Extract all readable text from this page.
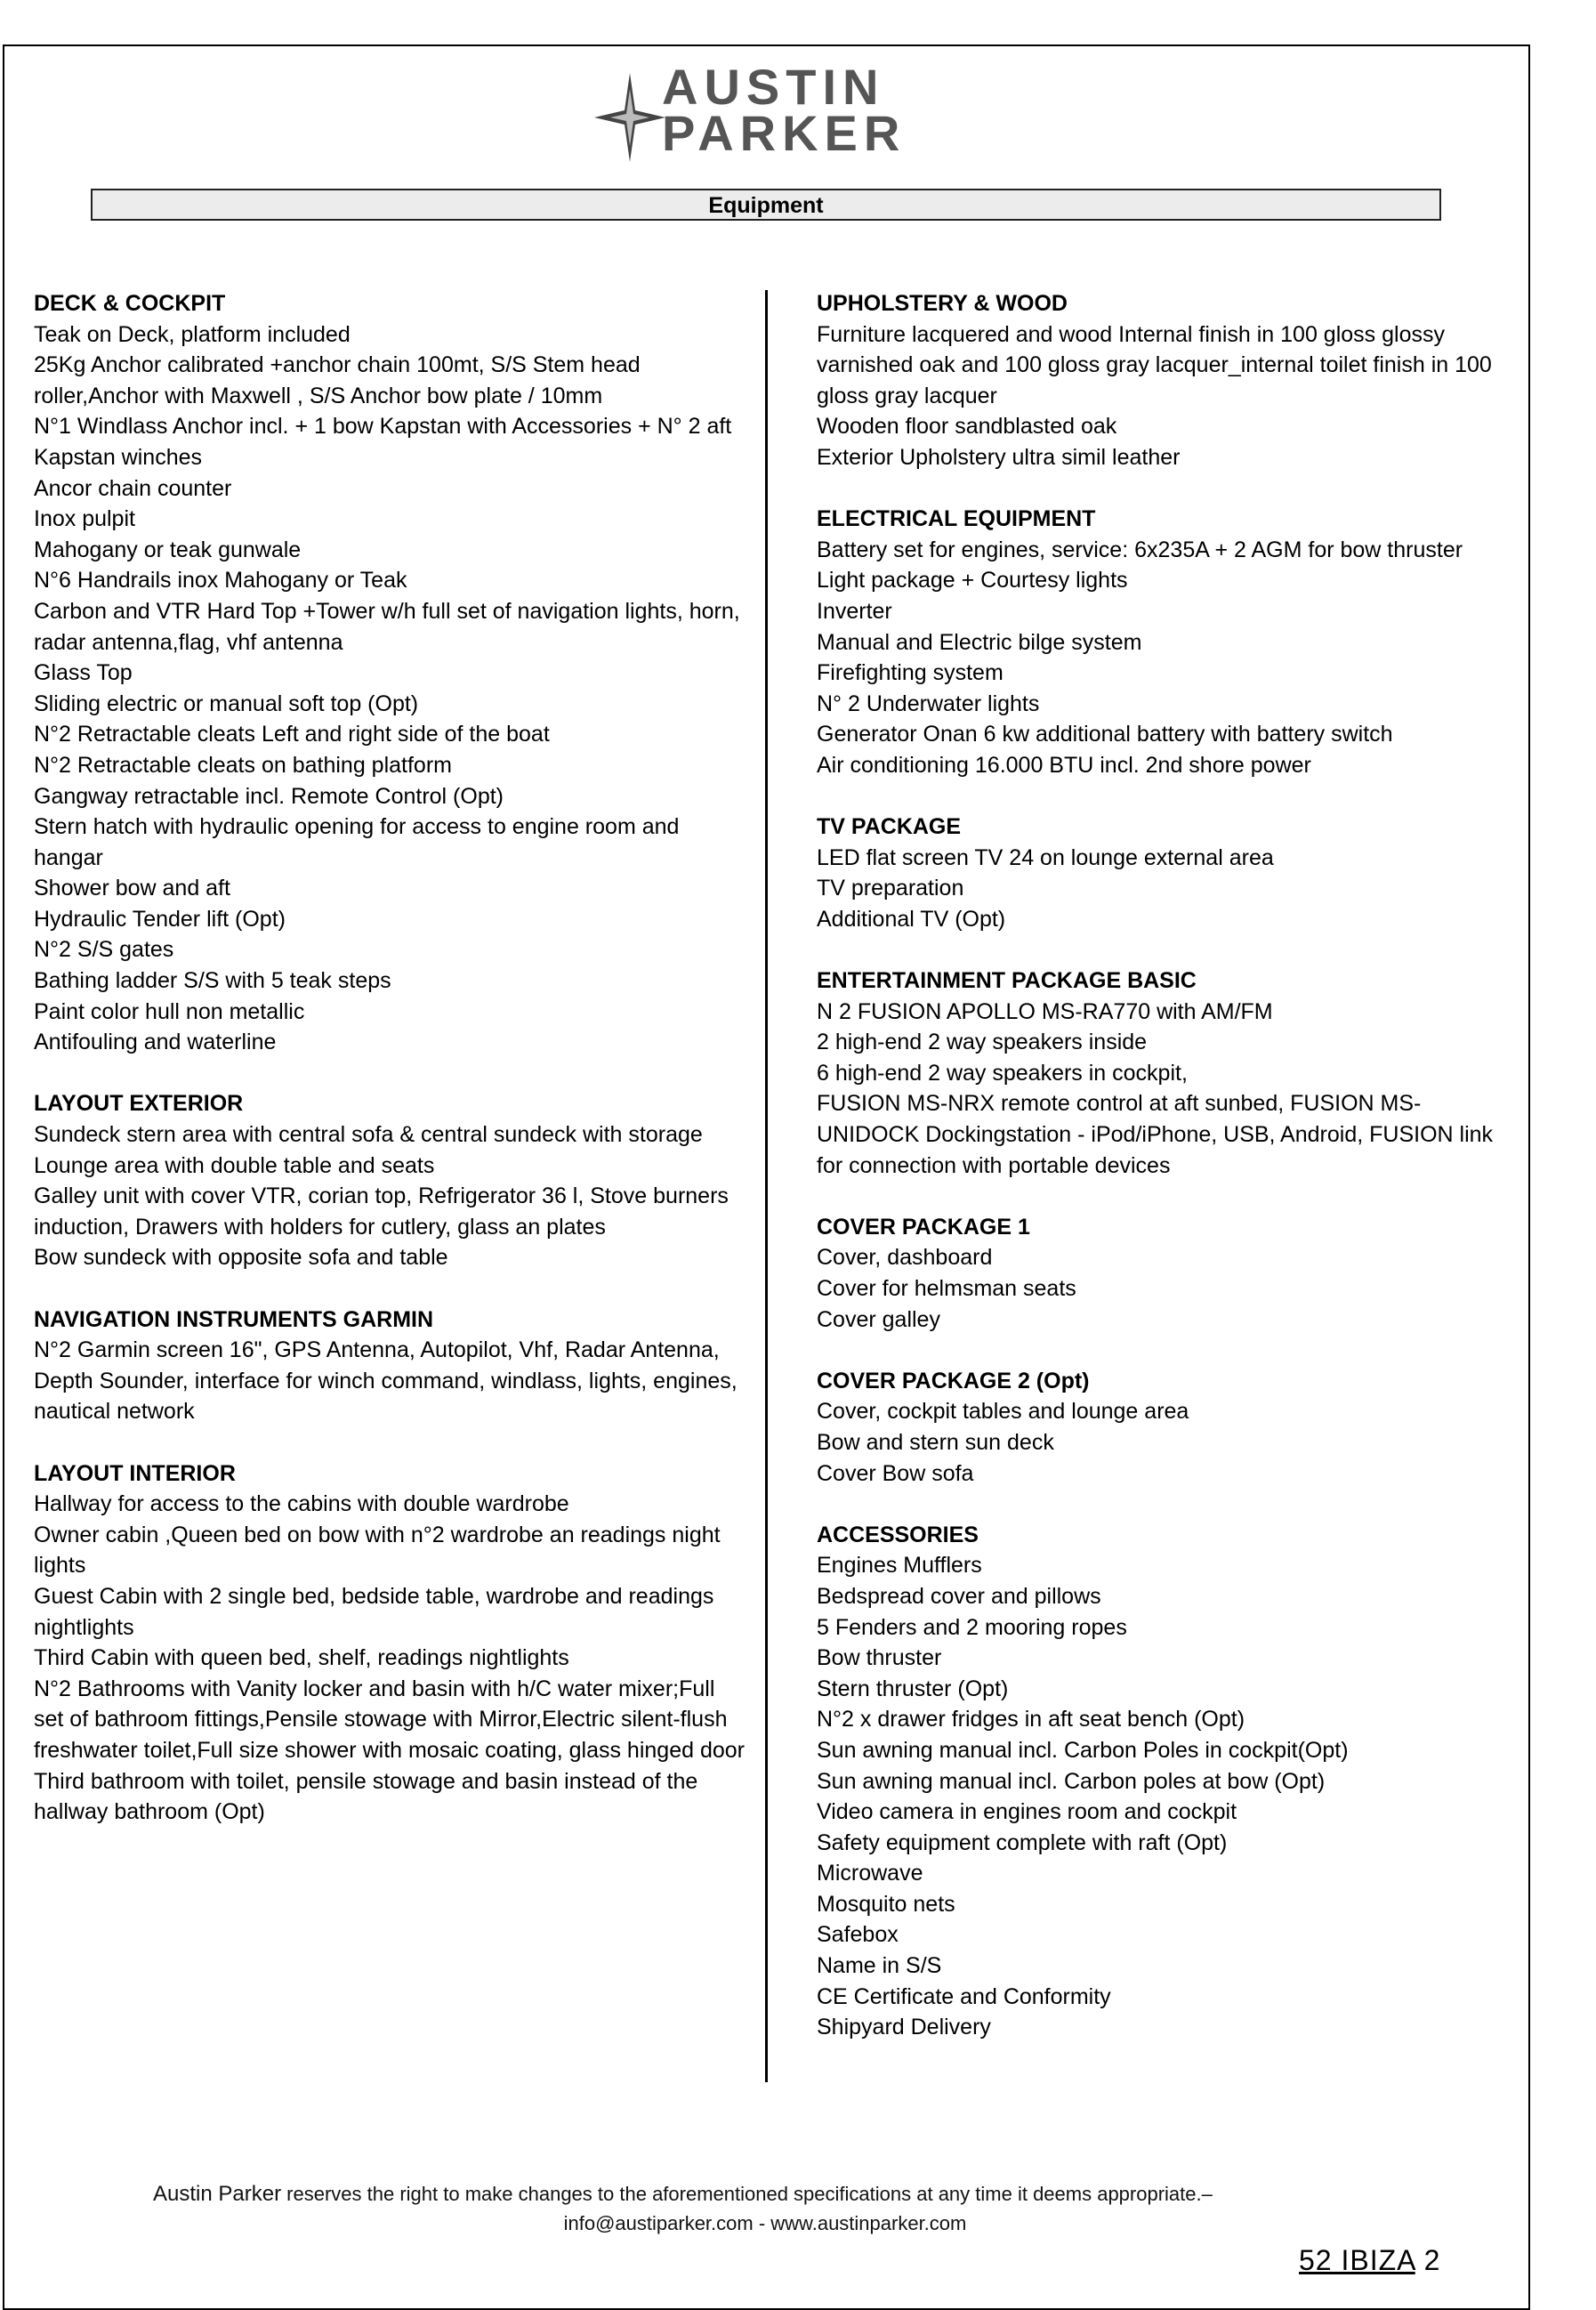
AUSTIN
PARKER
Equipment
DECK & COCKPIT
Teak on Deck, platform included
25Kg Anchor calibrated +anchor chain 100mt, S/S Stem head roller,Anchor with Maxwell , S/S Anchor bow plate / 10mm
N°1 Windlass Anchor incl. + 1 bow Kapstan with Accessories + N° 2 aft Kapstan winches
Ancor chain counter
Inox pulpit
Mahogany or teak gunwale
N°6 Handrails inox Mahogany or Teak
Carbon and VTR Hard Top +Tower w/h full set of navigation lights, horn, radar antenna,flag, vhf antenna
Glass Top
Sliding electric or manual soft top (Opt)
N°2 Retractable cleats Left and right side of the boat
N°2 Retractable cleats on bathing platform
Gangway retractable incl. Remote Control (Opt)
Stern hatch with hydraulic opening for access to engine room and hangar
Shower bow and aft
Hydraulic Tender lift (Opt)
N°2 S/S gates
Bathing ladder S/S with 5 teak steps
Paint color hull non metallic
Antifouling and waterline
LAYOUT EXTERIOR
Sundeck stern area with central sofa & central sundeck with storage
Lounge area with double table and seats
Galley unit with cover VTR, corian top, Refrigerator 36 l, Stove burners induction, Drawers with holders for cutlery, glass an plates
Bow sundeck with opposite sofa and table
NAVIGATION INSTRUMENTS GARMIN
N°2 Garmin screen 16", GPS Antenna, Autopilot, Vhf, Radar Antenna, Depth Sounder, interface for winch command, windlass, lights, engines, nautical network
LAYOUT INTERIOR
Hallway for access to the cabins with double wardrobe
Owner cabin ,Queen bed on bow with n°2 wardrobe an readings night lights
Guest Cabin with 2 single bed, bedside table, wardrobe and readings nightlights
Third Cabin with queen bed, shelf, readings nightlights
N°2 Bathrooms with Vanity locker and basin with h/C water mixer;Full set of bathroom fittings,Pensile stowage with Mirror,Electric silent-flush freshwater toilet,Full size shower with mosaic coating, glass hinged door
Third bathroom with toilet, pensile stowage and basin instead of the hallway bathroom (Opt)
UPHOLSTERY & WOOD
Furniture lacquered and wood Internal finish in 100 gloss glossy varnished oak and 100 gloss gray lacquer_internal toilet finish in 100 gloss gray lacquer
Wooden floor sandblasted oak
Exterior Upholstery ultra simil leather
ELECTRICAL EQUIPMENT
Battery set for engines, service: 6x235A + 2 AGM for bow thruster
Light package + Courtesy lights
Inverter
Manual and Electric bilge system
Firefighting system
N° 2 Underwater lights
Generator Onan 6 kw additional battery with battery switch
Air conditioning 16.000 BTU incl. 2nd shore power
TV PACKAGE
LED flat screen TV 24 on lounge external area
TV preparation
Additional TV (Opt)
ENTERTAINMENT PACKAGE BASIC
N 2 FUSION APOLLO MS-RA770 with AM/FM
2 high-end 2 way speakers inside
6 high-end 2 way speakers in cockpit,
FUSION MS-NRX remote control at aft sunbed, FUSION MS-UNIDOCK Dockingstation - iPod/iPhone, USB, Android, FUSION link for connection with portable devices
COVER PACKAGE 1
Cover, dashboard
Cover for helmsman seats
Cover galley
COVER PACKAGE 2 (Opt)
Cover, cockpit tables and lounge area
Bow and stern sun deck
Cover Bow sofa
ACCESSORIES
Engines Mufflers
Bedspread cover and pillows
5 Fenders and 2 mooring ropes
Bow thruster
Stern thruster (Opt)
N°2 x drawer fridges in aft seat bench (Opt)
Sun awning manual incl. Carbon Poles in cockpit(Opt)
Sun awning manual incl. Carbon poles at bow (Opt)
Video camera in engines room and cockpit
Safety equipment complete with raft (Opt)
Microwave
Mosquito nets
Safebox
Name in S/S
CE Certificate and Conformity
Shipyard Delivery
Austin Parker reserves the right to make changes to the aforementioned specifications at any time it deems appropriate.–
info@austiparker.com - www.austinparker.com
52 IBIZA 2
